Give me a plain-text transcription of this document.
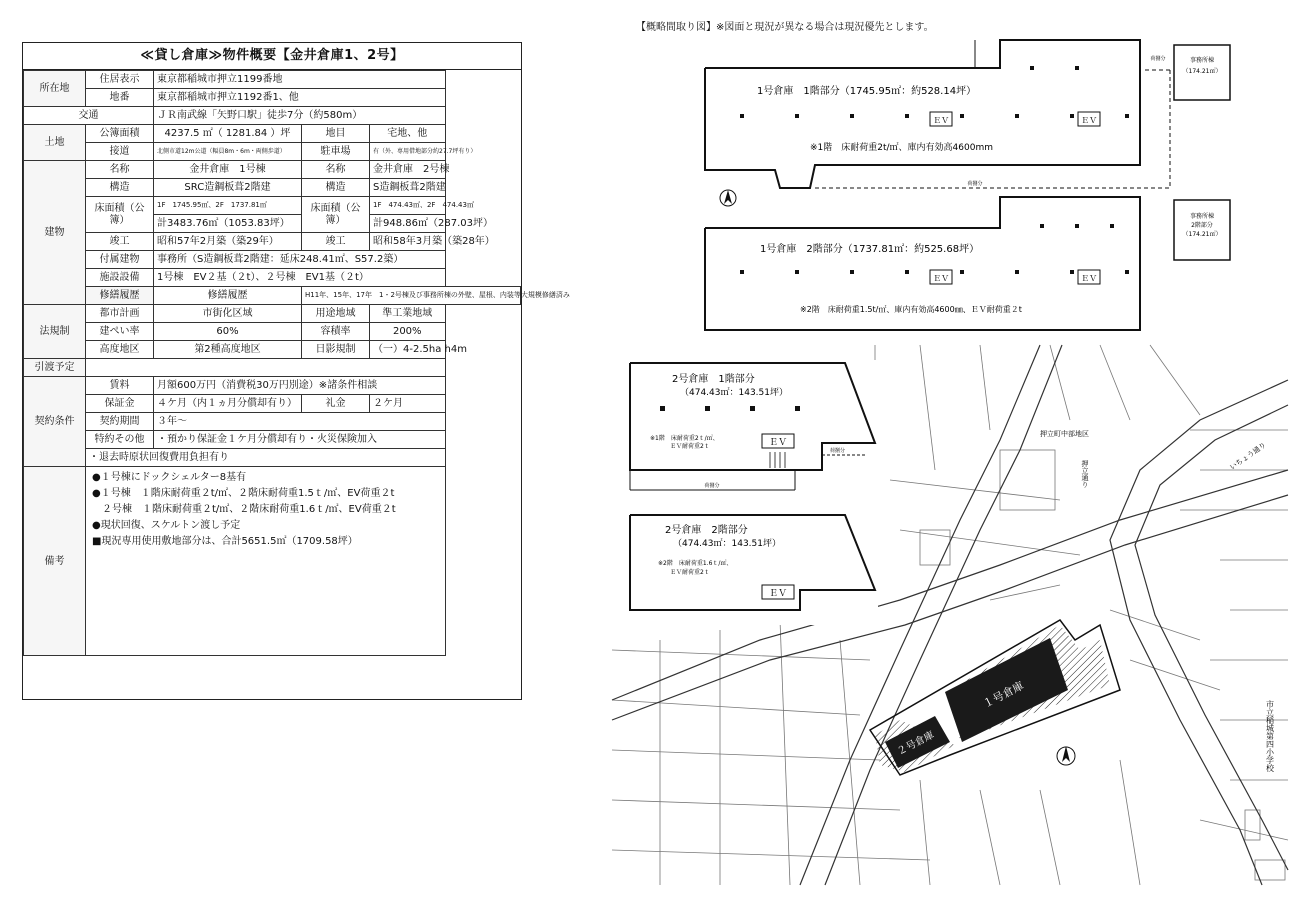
≪貸し倉庫≫物件概要【金井倉庫1、2号】
所在地	住居表示	東京都稲城市押立1199番地		
	地番	東京都稲城市押立1192番1、他		
交通		ＪＲ南武線「矢野口駅」徒歩7分（約580m）		
土地	公簿面積	4237.5 ㎡（ 1281.84 ）坪	地目	宅地、他
	接道	北側市道12m公道（幅員8m・6m・両側歩道）	駐車場	有（外、専用借地部分約27.7坪有り）
建物	名称	金井倉庫　1号棟	名称	金井倉庫　2号棟
	構造	SRC造鋼板葺2階建	構造	S造鋼板葺2階建
	床面積（公簿）	1F　1745.95㎡、2F　1737.81㎡	床面積（公簿）	1F　474.43㎡、2F　474.43㎡
		計3483.76㎡（1053.83坪）		計948.86㎡（287.03坪）
	竣工	昭和57年2月築（築29年）	竣工	昭和58年3月築（築28年）
	付属建物	事務所（S造鋼板葺2階建：延床248.41㎡、S57.2築）		
	施設設備	1号棟　EV２基（２t）、２号棟　EV1基（２t）		
	修繕履歴	修繕履歴	H11年、15年、17年　1・2号棟及び事務所棟の外壁、屋根、内装等大規模修繕済み	
法規制	都市計画	市街化区域	用途地域	準工業地域
	建ぺい率	60%	容積率	200%
	高度地区	第2種高度地区	日影規制	（一）4-2.5ha h4m
引渡予定				
契約条件	賃料	月額600万円（消費税30万円別途）※諸条件相談		
	保証金	４ケ月（内１ヵ月分償却有り）	礼金	２ケ月
	契約期間	３年～		
	特約その他	・預かり保証金１ケ月分償却有り・火災保険加入		
	・退去時原状回復費用負担有り			
備考	●１号棟にドックシェルター8基有
●１号棟　１階床耐荷重２t/㎡、２階床耐荷重1.5ｔ/㎡、EV荷重２t
　２号棟　１階床耐荷重２t/㎡、２階床耐荷重1.6ｔ/㎡、EV荷重２t
●現状回復、スケルトン渡し予定
■現況専用使用敷地部分は、合計5651.5㎡（1709.58坪）			
【概略間取り図】※図面と現況が異なる場合は現況優先とします。
ＥＶ	ＥＶ
1号倉庫　1階部分（1745.95㎡：約528.14坪）
※1階　床耐荷重2t/㎡、庫内有効高4600mm
荷捌分
荷捌分	事務所棟
（174.21㎡）
ＥＶ	ＥＶ
1号倉庫　2階部分（1737.81㎡：約525.68坪）
※2階　床耐荷重1.5t/㎡、庫内有効高4600㎜、ＥＶ耐荷重２t
事務所棟
2階部分
（174.21㎡）
１号倉庫
２号倉庫	市立稲城第四小学校
押立町中部地区
押立通り
いちょう通り
ＥＶ
2号倉庫　1階部分
（474.43㎡：143.51坪）
※1階　床耐荷重2ｔ/㎡、
ＥＶ耐荷重2ｔ
荷捌分
荷捌分
ＥＶ
2号倉庫　2階部分
（474.43㎡：143.51坪）
※2階　床耐荷重1.6ｔ/㎡、
ＥＶ耐荷重2ｔ
